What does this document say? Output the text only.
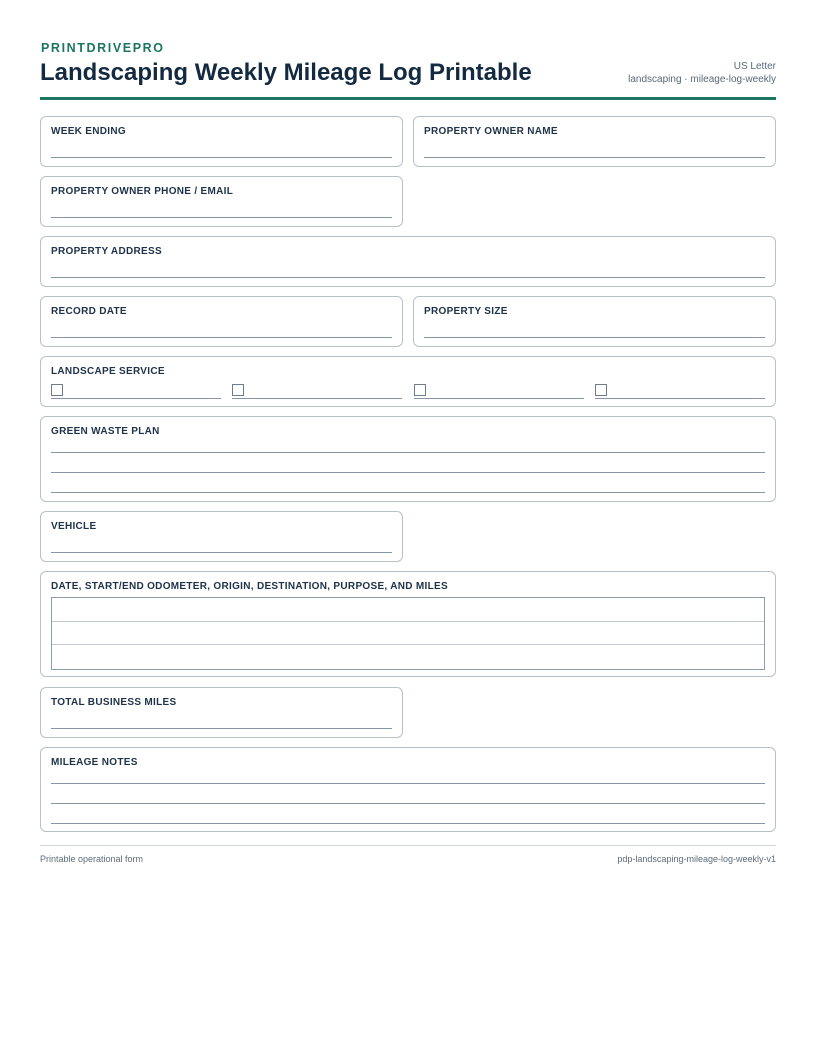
PRINTDRIVEPRO
Landscaping Weekly Mileage Log Printable	US Letter
landscaping · mileage-log-weekly
WEEK ENDING	PROPERTY OWNER NAME
PROPERTY OWNER PHONE / EMAIL
PROPERTY ADDRESS
RECORD DATE	PROPERTY SIZE
LANDSCAPE SERVICE
GREEN WASTE PLAN
VEHICLE
DATE, START/END ODOMETER, ORIGIN, DESTINATION, PURPOSE, AND MILES
TOTAL BUSINESS MILES
MILEAGE NOTES
Printable operational form	pdp-landscaping-mileage-log-weekly-v1
